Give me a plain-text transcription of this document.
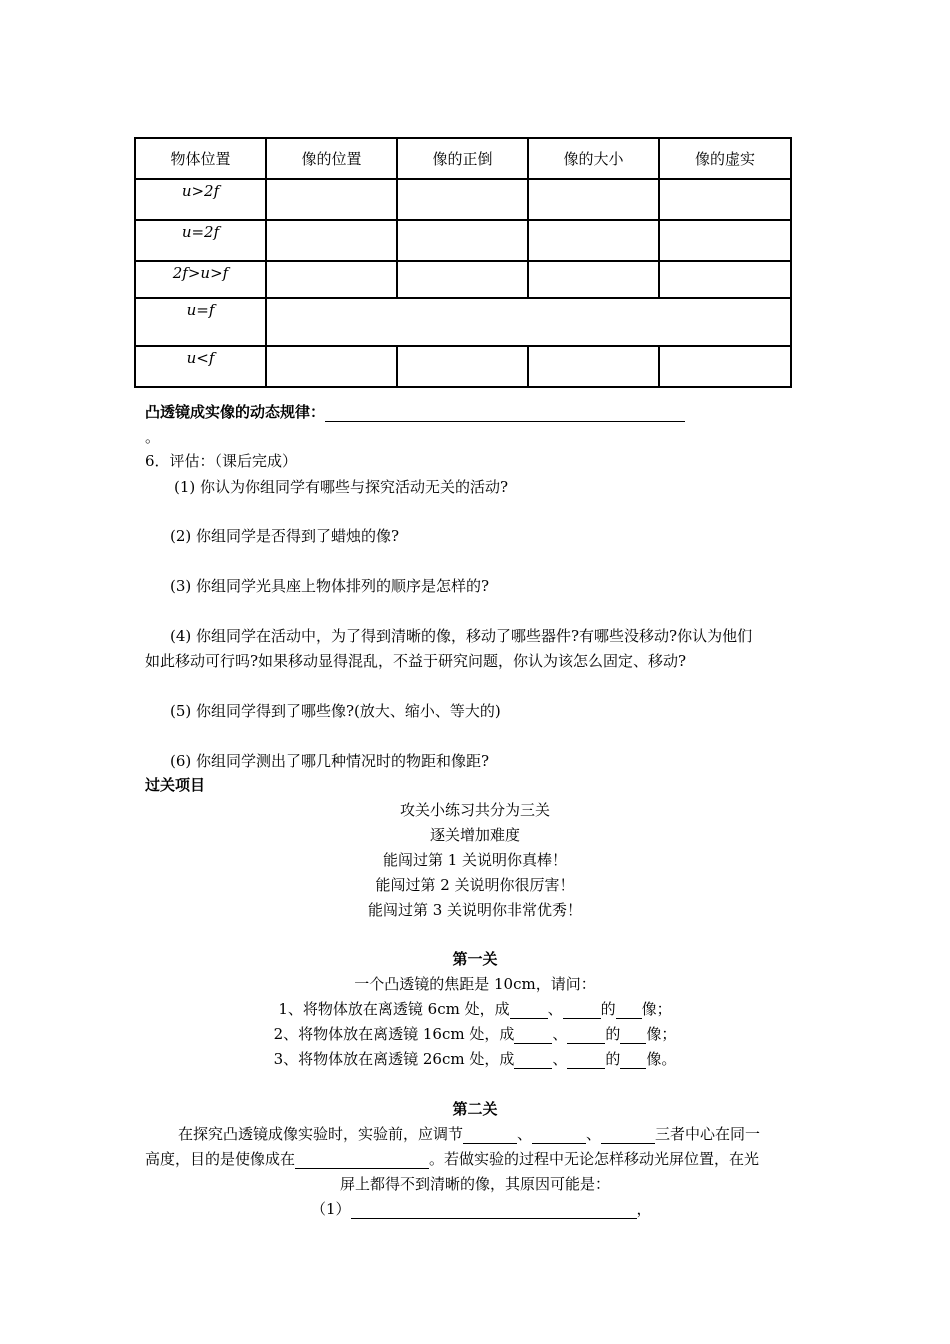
物体位置	像的位置	像的正倒	像的大小	像的虚实
u>2f				
u=2f				
2f>u>f				
u=f				
u<f				
凸透镜成实像的动态规律：
。
6．评估：（课后完成）
(1) 你认为你组同学有哪些与探究活动无关的活动?
(2) 你组同学是否得到了蜡烛的像?
(3) 你组同学光具座上物体排列的顺序是怎样的?
(4) 你组同学在活动中，为了得到清晰的像，移动了哪些器件?有哪些没移动?你认为他们
如此移动可行吗?如果移动显得混乱，不益于研究问题，你认为该怎么固定、移动?
(5) 你组同学得到了哪些像?(放大、缩小、等大的)
(6) 你组同学测出了哪几种情况时的物距和像距?
过关项目
攻关小练习共分为三关
逐关增加难度
能闯过第 1 关说明你真棒！
能闯过第 2 关说明你很厉害！
能闯过第 3 关说明你非常优秀！
第一关
一个凸透镜的焦距是 10cm，请问：
1、将物体放在离透镜 6cm 处，成	、	的 像；
2、将物体放在离透镜 16cm 处，成	、	的 像；
3、将物体放在离透镜 26cm 处，成	、	的 像。
第二关
在探究凸透镜成像实验时，实验前，应调节	、	、	三者中心在同一
高度，目的是使像成在	。若做实验的过程中无论怎样移动光屏位置，在光
屏上都得不到清晰的像，其原因可能是：
（1）	，
